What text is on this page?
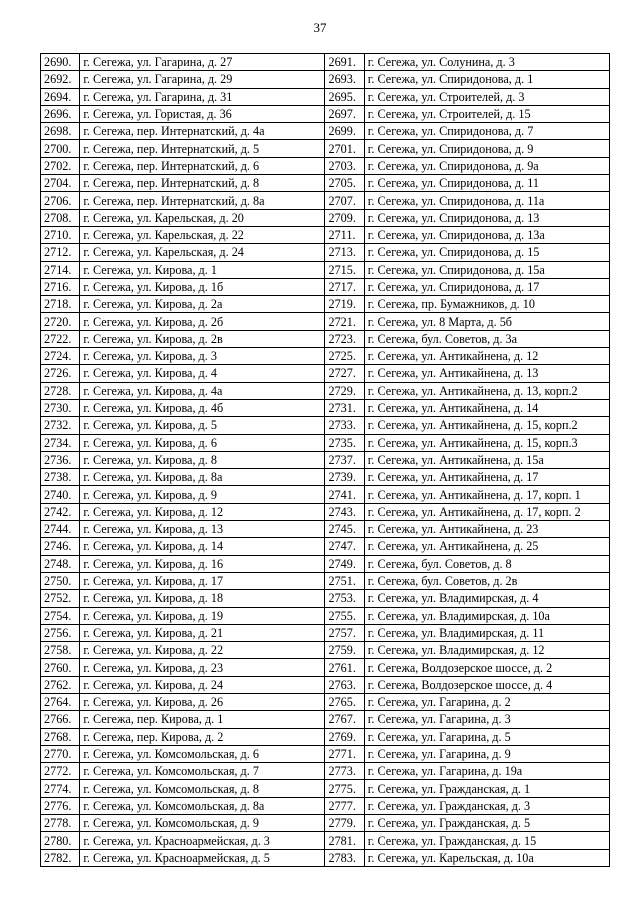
37
2690.	г. Сегежа, ул. Гагарина, д. 27	2691.	г. Сегежа, ул. Солунина, д. 3
2692.	г. Сегежа, ул. Гагарина, д. 29	2693.	г. Сегежа, ул. Спиридонова, д. 1
2694.	г. Сегежа, ул. Гагарина, д. 31	2695.	г. Сегежа, ул. Строителей, д. 3
2696.	г. Сегежа, ул. Гористая, д. 36	2697.	г. Сегежа, ул. Строителей, д. 15
2698.	г. Сегежа, пер. Интернатский, д. 4а	2699.	г. Сегежа, ул. Спиридонова, д. 7
2700.	г. Сегежа, пер. Интернатский, д. 5	2701.	г. Сегежа, ул. Спиридонова, д. 9
2702.	г. Сегежа, пер. Интернатский, д. 6	2703.	г. Сегежа, ул. Спиридонова, д. 9а
2704.	г. Сегежа, пер. Интернатский, д. 8	2705.	г. Сегежа, ул. Спиридонова, д. 11
2706.	г. Сегежа, пер. Интернатский, д. 8а	2707.	г. Сегежа, ул. Спиридонова, д. 11а
2708.	г. Сегежа, ул. Карельская, д. 20	2709.	г. Сегежа, ул. Спиридонова, д. 13
2710.	г. Сегежа, ул. Карельская, д. 22	2711.	г. Сегежа, ул. Спиридонова, д. 13а
2712.	г. Сегежа, ул. Карельская, д. 24	2713.	г. Сегежа, ул. Спиридонова, д. 15
2714.	г. Сегежа, ул. Кирова, д. 1	2715.	г. Сегежа, ул. Спиридонова, д. 15а
2716.	г. Сегежа, ул. Кирова, д. 1б	2717.	г. Сегежа, ул. Спиридонова, д. 17
2718.	г. Сегежа, ул. Кирова, д. 2а	2719.	г. Сегежа, пр. Бумажников, д. 10
2720.	г. Сегежа, ул. Кирова, д. 2б	2721.	г. Сегежа, ул. 8 Марта, д. 5б
2722.	г. Сегежа, ул. Кирова, д. 2в	2723.	г. Сегежа, бул. Советов, д. 3а
2724.	г. Сегежа, ул. Кирова, д. 3	2725.	г. Сегежа, ул. Антикайнена, д. 12
2726.	г. Сегежа, ул. Кирова, д. 4	2727.	г. Сегежа, ул. Антикайнена, д. 13
2728.	г. Сегежа, ул. Кирова, д. 4а	2729.	г. Сегежа, ул. Антикайнена, д. 13, корп.2
2730.	г. Сегежа, ул. Кирова, д. 4б	2731.	г. Сегежа, ул. Антикайнена, д. 14
2732.	г. Сегежа, ул. Кирова, д. 5	2733.	г. Сегежа, ул. Антикайнена, д. 15, корп.2
2734.	г. Сегежа, ул. Кирова, д. 6	2735.	г. Сегежа, ул. Антикайнена, д. 15, корп.3
2736.	г. Сегежа, ул. Кирова, д. 8	2737.	г. Сегежа, ул. Антикайнена, д. 15а
2738.	г. Сегежа, ул. Кирова, д. 8а	2739.	г. Сегежа, ул. Антикайнена, д. 17
2740.	г. Сегежа, ул. Кирова, д. 9	2741.	г. Сегежа, ул. Антикайнена, д. 17, корп. 1
2742.	г. Сегежа, ул. Кирова, д. 12	2743.	г. Сегежа, ул. Антикайнена, д. 17, корп. 2
2744.	г. Сегежа, ул. Кирова, д. 13	2745.	г. Сегежа, ул. Антикайнена, д. 23
2746.	г. Сегежа, ул. Кирова, д. 14	2747.	г. Сегежа, ул. Антикайнена, д. 25
2748.	г. Сегежа, ул. Кирова, д. 16	2749.	г. Сегежа, бул. Советов, д. 8
2750.	г. Сегежа, ул. Кирова, д. 17	2751.	г. Сегежа, бул. Советов, д. 2в
2752.	г. Сегежа, ул. Кирова, д. 18	2753.	г. Сегежа, ул. Владимирская, д. 4
2754.	г. Сегежа, ул. Кирова, д. 19	2755.	г. Сегежа, ул. Владимирская, д. 10а
2756.	г. Сегежа, ул. Кирова, д. 21	2757.	г. Сегежа, ул. Владимирская, д. 11
2758.	г. Сегежа, ул. Кирова, д. 22	2759.	г. Сегежа, ул. Владимирская, д. 12
2760.	г. Сегежа, ул. Кирова, д. 23	2761.	г. Сегежа, Волдозерское шоссе, д. 2
2762.	г. Сегежа, ул. Кирова, д. 24	2763.	г. Сегежа, Волдозерское шоссе, д. 4
2764.	г. Сегежа, ул. Кирова, д. 26	2765.	г. Сегежа, ул. Гагарина, д. 2
2766.	г. Сегежа, пер. Кирова, д. 1	2767.	г. Сегежа, ул. Гагарина, д. 3
2768.	г. Сегежа, пер. Кирова, д. 2	2769.	г. Сегежа, ул. Гагарина, д. 5
2770.	г. Сегежа, ул. Комсомольская, д. 6	2771.	г. Сегежа, ул. Гагарина, д. 9
2772.	г. Сегежа, ул. Комсомольская, д. 7	2773.	г. Сегежа, ул. Гагарина, д. 19а
2774.	г. Сегежа, ул. Комсомольская, д. 8	2775.	г. Сегежа, ул. Гражданская, д. 1
2776.	г. Сегежа, ул. Комсомольская, д. 8а	2777.	г. Сегежа, ул. Гражданская, д. 3
2778.	г. Сегежа, ул. Комсомольская, д. 9	2779.	г. Сегежа, ул. Гражданская, д. 5
2780.	г. Сегежа, ул. Красноармейская, д. 3	2781.	г. Сегежа, ул. Гражданская, д. 15
2782.	г. Сегежа, ул. Красноармейская, д. 5	2783.	г. Сегежа, ул. Карельская, д. 10а
